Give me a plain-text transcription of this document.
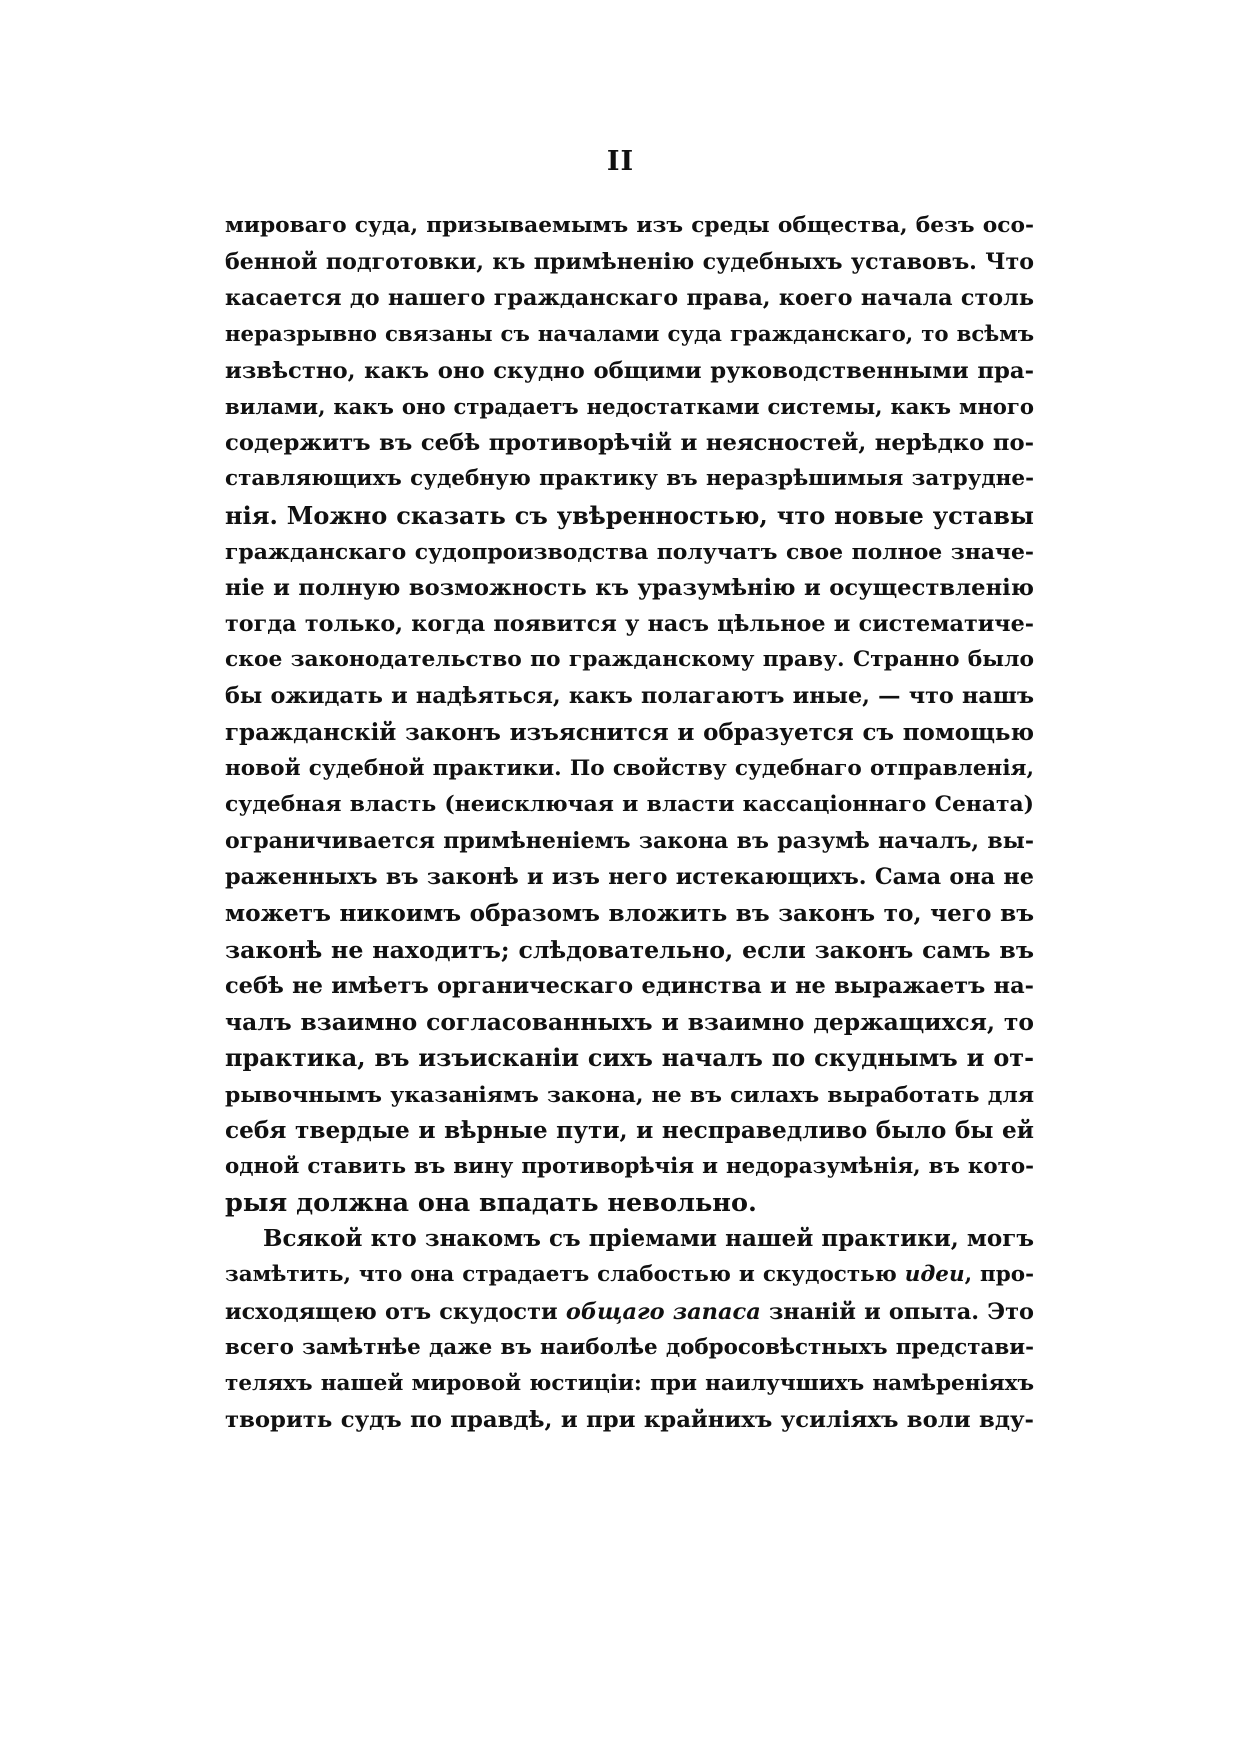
II
мироваго суда, призываемымъ изъ среды общества, безъ осо-
бенной подготовки, къ примѣненію судебныхъ уставовъ. Что
касается до нашего гражданскаго права, коего начала столь
неразрывно связаны съ началами суда гражданскаго, то всѣмъ
извѣстно, какъ оно скудно общими руководственными пра-
вилами, какъ оно страдаетъ недостатками системы, какъ много
содержитъ въ себѣ противорѣчій и неясностей, нерѣдко по-
ставляющихъ судебную практику въ неразрѣшимыя затрудне-
нія. Можно сказать съ увѣренностью, что новые уставы
гражданскаго судопроизводства получатъ свое полное значе-
ніе и полную возможность къ уразумѣнію и осуществленію
тогда только, когда появится у насъ цѣльное и систематиче-
ское законодательство по гражданскому праву. Странно было
бы ожидать и надѣяться, какъ полагаютъ иные, — что нашъ
гражданскій законъ изъяснится и образуется съ помощью
новой судебной практики. По свойству судебнаго отправленія,
судебная власть (неисключая и власти кассаціоннаго Сената)
ограничивается примѣненіемъ закона въ разумѣ началъ, вы-
раженныхъ въ законѣ и изъ него истекающихъ. Сама она не
можетъ никоимъ образомъ вложить въ законъ то, чего въ
законѣ не находитъ; слѣдовательно, если законъ самъ въ
себѣ не имѣетъ органическаго единства и не выражаетъ на-
чалъ взаимно согласованныхъ и взаимно держащихся, то
практика, въ изъисканіи сихъ началъ по скуднымъ и от-
рывочнымъ указаніямъ закона, не въ силахъ выработать для
себя твердые и вѣрные пути, и несправедливо было бы ей
одной ставить въ вину противорѣчія и недоразумѣнія, въ кото-
рыя должна она впадать невольно.
Всякой кто знакомъ съ пріемами нашей практики, могъ
замѣтить, что она страдаетъ слабостью и скудостью идеи, про-
исходящею отъ скудости общаго запаса знаній и опыта. Это
всего замѣтнѣе даже въ наиболѣе добросовѣстныхъ представи-
теляхъ нашей мировой юстиціи: при наилучшихъ намѣреніяхъ
творить судъ по правдѣ, и при крайнихъ усиліяхъ воли вду-
